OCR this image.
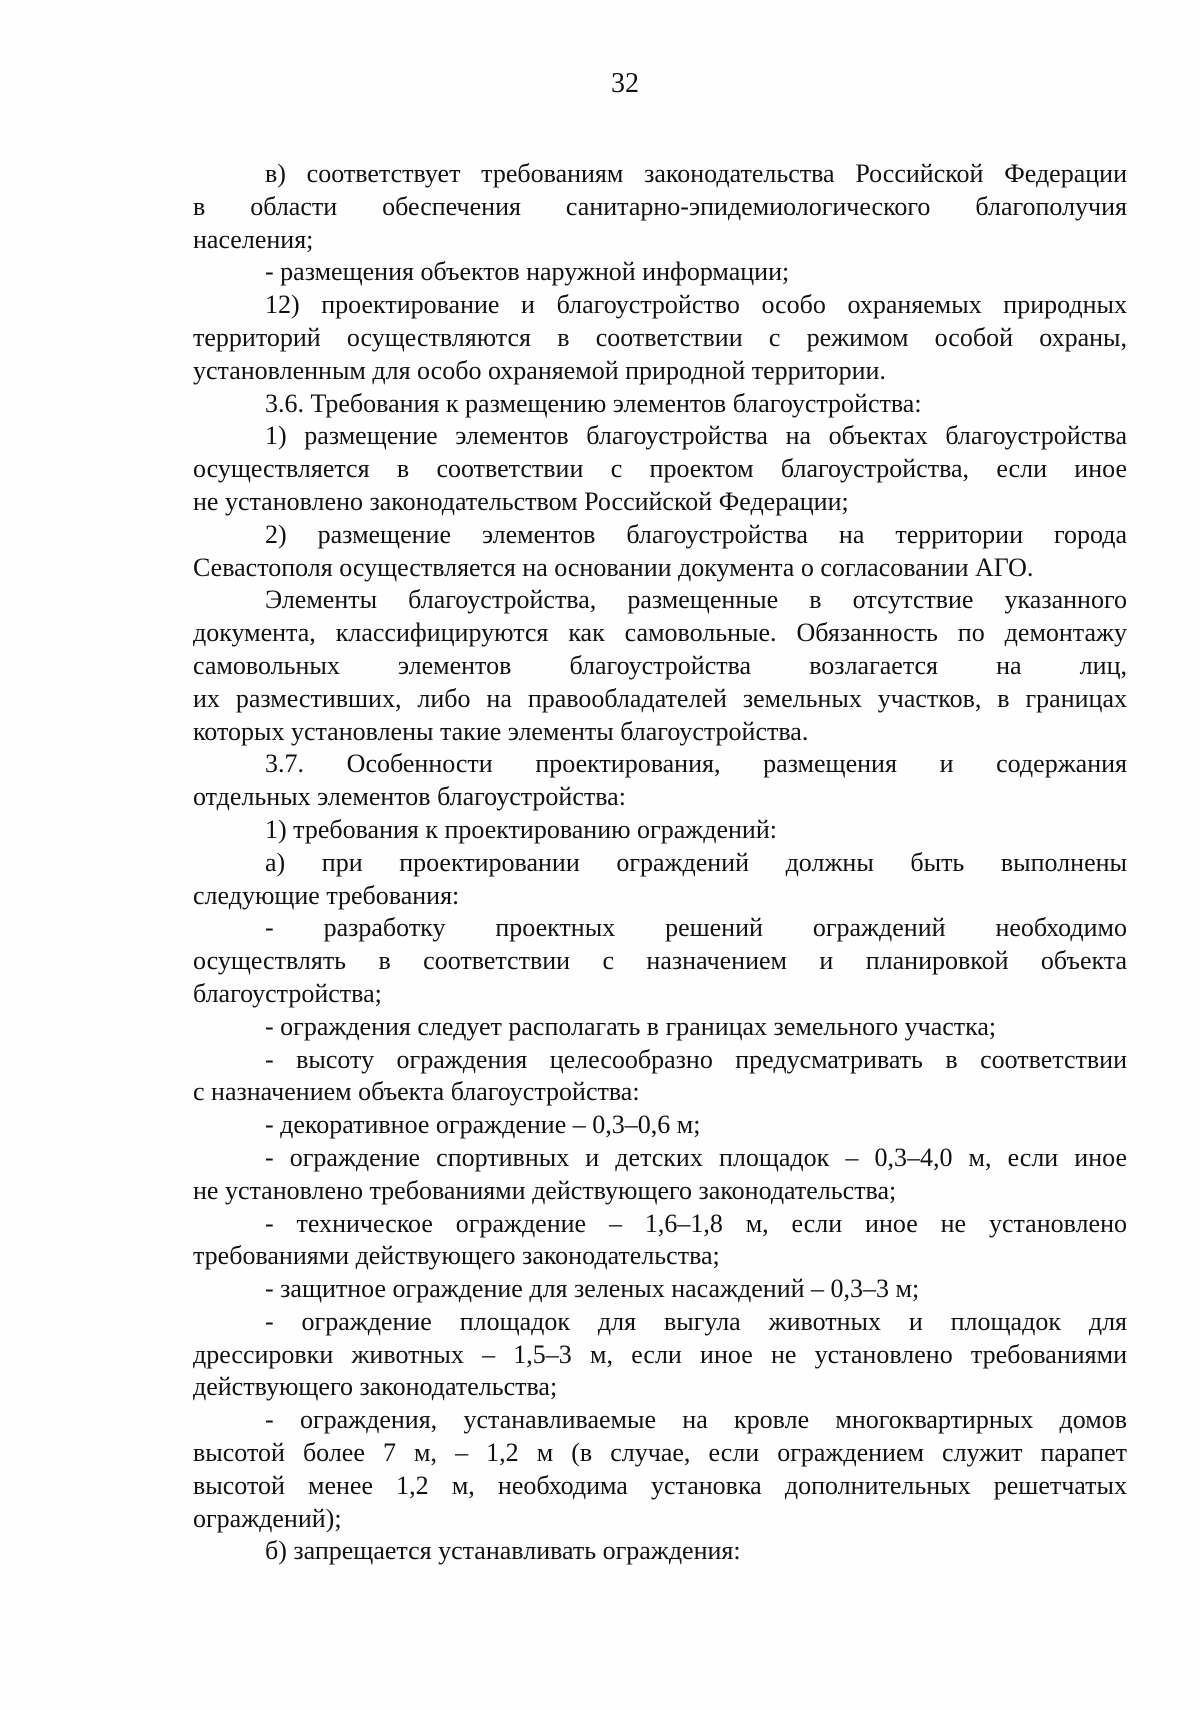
32
в) соответствует требованиям законодательства Российской Федерации
в области обеспечения санитарно-эпидемиологического благополучия
населения;
- размещения объектов наружной информации;
12) проектирование и благоустройство особо охраняемых природных
территорий осуществляются в соответствии с режимом особой охраны,
установленным для особо охраняемой природной территории.
3.6. Требования к размещению элементов благоустройства:
1) размещение элементов благоустройства на объектах благоустройства
осуществляется в соответствии с проектом благоустройства, если иное
не установлено законодательством Российской Федерации;
2) размещение элементов благоустройства на территории города
Севастополя осуществляется на основании документа о согласовании АГО.
Элементы благоустройства, размещенные в отсутствие указанного
документа, классифицируются как самовольные. Обязанность по демонтажу
самовольных элементов благоустройства возлагается на лиц,
их разместивших, либо на правообладателей земельных участков, в границах
которых установлены такие элементы благоустройства.
3.7. Особенности проектирования, размещения и содержания
отдельных элементов благоустройства:
1) требования к проектированию ограждений:
а) при проектировании ограждений должны быть выполнены
следующие требования:
- разработку проектных решений ограждений необходимо
осуществлять в соответствии с назначением и планировкой объекта
благоустройства;
- ограждения следует располагать в границах земельного участка;
- высоту ограждения целесообразно предусматривать в соответствии
с назначением объекта благоустройства:
- декоративное ограждение – 0,3–0,6 м;
- ограждение спортивных и детских площадок – 0,3–4,0 м, если иное
не установлено требованиями действующего законодательства;
- техническое ограждение – 1,6–1,8 м, если иное не установлено
требованиями действующего законодательства;
- защитное ограждение для зеленых насаждений – 0,3–3 м;
- ограждение площадок для выгула животных и площадок для
дрессировки животных – 1,5–3 м, если иное не установлено требованиями
действующего законодательства;
- ограждения, устанавливаемые на кровле многоквартирных домов
высотой более 7 м, – 1,2 м (в случае, если ограждением служит парапет
высотой менее 1,2 м, необходима установка дополнительных решетчатых
ограждений);
б) запрещается устанавливать ограждения:
